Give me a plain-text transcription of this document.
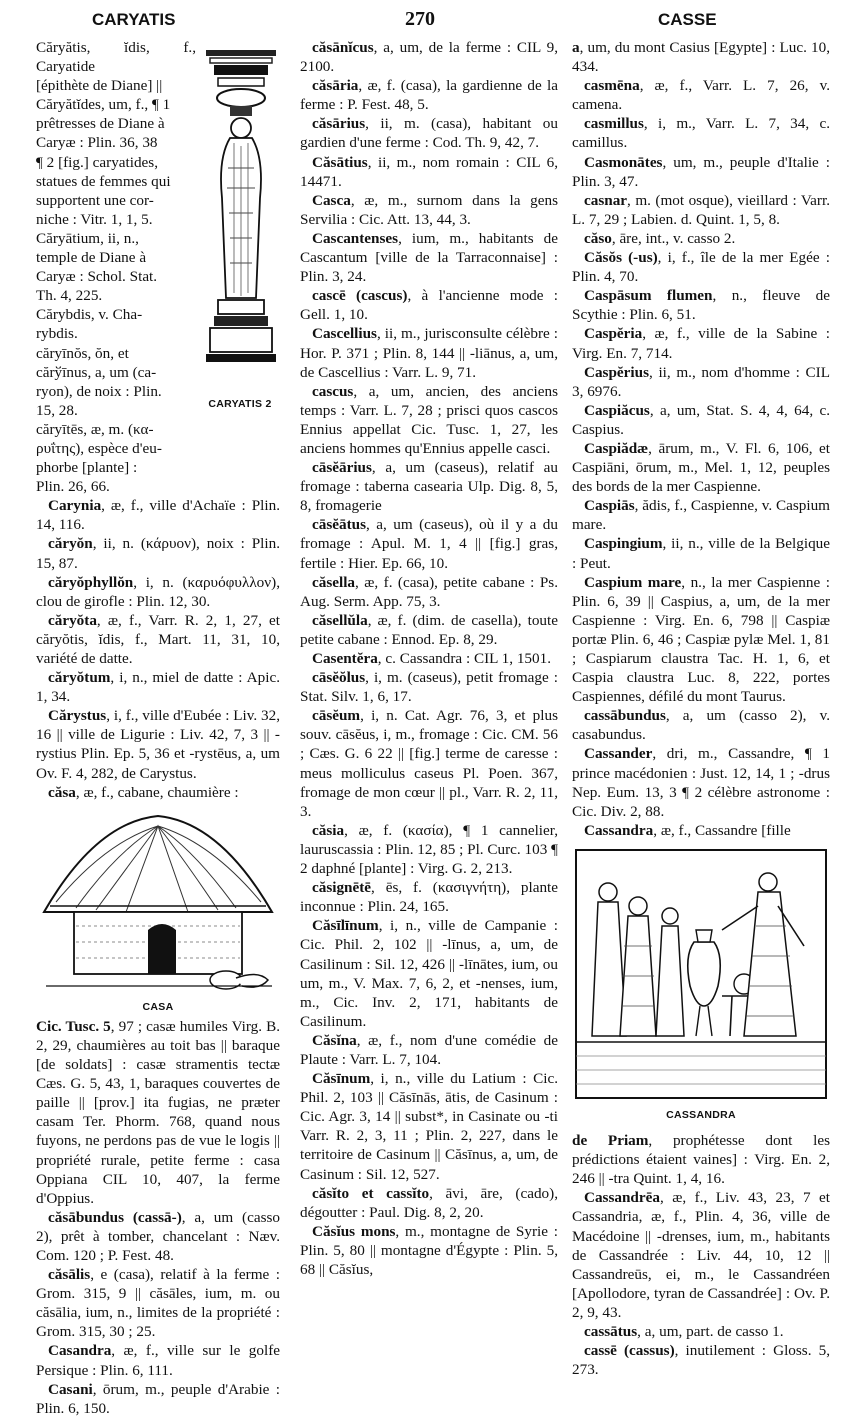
CARYATIS	270	CASSE
CARYATIS 2
Căryătis, ĭdis, f., Caryatide
[épithète de Diane] ||
Căryătĭdes, um, f., ¶ 1
prêtresses de Diane à
Caryæ : Plin. 36, 38
¶ 2 [fig.] caryatides,
statues de femmes qui
supportent une cor-
niche : Vitr. 1, 1, 5.
Căryātium, ii, n.,
temple de Diane à
Caryæ : Schol. Stat.
Th. 4, 225.
Cărybdis, v. Cha-
rybdis.
căryīnŏs, ŏn, et
cărўīnus, a, um (ca-
ryon), de noix : Plin.
15, 28.
căryītēs, æ, m. (κα-
ρυΐτης), espèce d'eu-
phorbe [plante] :
Plin. 26, 66.

Carynia, æ, f., ville d'Achaïe : Plin. 14, 116.

căryŏn, ii, n. (κάρυον), noix : Plin. 15, 87.

căryŏphyllŏn, i, n. (καρυόφυλλον), clou de girofle : Plin. 12, 30.

căryŏta, æ, f., Varr. R. 2, 1, 27, et căryŏtis, ĭdis, f., Mart. 11, 31, 10, variété de datte.

căryŏtum, i, n., miel de datte : Apic. 1, 34.

Cărystus, i, f., ville d'Eubée : Liv. 32, 16 || ville de Ligurie : Liv. 42, 7, 3 || -rystius Plin. Ep. 5, 36 et -rystēus, a, um Ov. F. 4, 282, de Carystus.

căsa, æ, f., cabane, chaumière :

CASA

Cic. Tusc. 5, 97 ; casæ humiles Virg. B. 2, 29, chaumières au toit bas || baraque [de soldats] : casæ stramentis tectæ Cæs. G. 5, 43, 1, baraques couvertes de paille || [prov.] ita fugias, ne præter casam Ter. Phorm. 768, quand nous fuyons, ne perdons pas de vue le logis || propriété rurale, petite ferme : casa Oppiana CIL 10, 407, la ferme d'Oppius.

căsābundus (cassā-), a, um (casso 2), prêt à tomber, chancelant : Næv. Com. 120 ; P. Fest. 48.

căsālis, e (casa), relatif à la ferme : Grom. 315, 9 || căsāles, ium, m. ou căsālia, ium, n., limites de la propriété : Grom. 315, 30 ; 25.

Casandra, æ, f., ville sur le golfe Persique : Plin. 6, 111.

Casani, ōrum, m., peuple d'Arabie : Plin. 6, 150.

căsānĭcus, a, um, de la ferme : CIL 9, 2100.

căsāria, æ, f. (casa), la gardienne de la ferme : P. Fest. 48, 5.

căsārius, ii, m. (casa), habitant ou gardien d'une ferme : Cod. Th. 9, 42, 7.

Căsātius, ii, m., nom romain : CIL 6, 14471.

Casca, æ, m., surnom dans la gens Servilia : Cic. Att. 13, 44, 3.

Cascantenses, ium, m., habitants de Cascantum [ville de la Tarraconnaise] : Plin. 3, 24.

cascē (cascus), à l'ancienne mode : Gell. 1, 10.

Cascellius, ii, m., jurisconsulte célèbre : Hor. P. 371 ; Plin. 8, 144 || -liānus, a, um, de Cascellius : Varr. L. 9, 71.

cascus, a, um, ancien, des anciens temps : Varr. L. 7, 28 ; prisci quos cascos Ennius appellat Cic. Tusc. 1, 27, les anciens hommes qu'Ennius appelle casci.

cāsĕārius, a, um (caseus), relatif au fromage : taberna casearia Ulp. Dig. 8, 5, 8, fromagerie

cāsĕātus, a, um (caseus), où il y a du fromage : Apul. M. 1, 4 || [fig.] gras, fertile : Hier. Ep. 66, 10.

căsella, æ, f. (casa), petite cabane : Ps. Aug. Serm. App. 75, 3.

căsellŭla, æ, f. (dim. de casella), toute petite cabane : Ennod. Ep. 8, 29.

Casentĕra, c. Cassandra : CIL 1, 1501.

cāsĕŏlus, i, m. (caseus), petit fromage : Stat. Silv. 1, 6, 17.

cāsĕum, i, n. Cat. Agr. 76, 3, et plus souv. cāsĕus, i, m., fromage : Cic. CM. 56 ; Cæs. G. 6 22 || [fig.] terme de caresse : meus molliculus caseus Pl. Poen. 367, fromage de mon cœur || pl., Varr. R. 2, 11, 3.

căsia, æ, f. (κασία), ¶ 1 cannelier, lauruscassia : Plin. 12, 85 ; Pl. Curc. 103 ¶ 2 daphné [plante] : Virg. G. 2, 213.

căsignētē, ēs, f. (κασιγνήτη), plante inconnue : Plin. 24, 165.

Căsīlīnum, i, n., ville de Campanie : Cic. Phil. 2, 102 || -līnus, a, um, de Casilinum : Sil. 12, 426 || -līnātes, ium, ou um, m., V. Max. 7, 6, 2, et -nenses, ium, m., Cic. Inv. 2, 171, habitants de Casilinum.

Căsĭna, æ, f., nom d'une comédie de Plaute : Varr. L. 7, 104.

Căsīnum, i, n., ville du Latium : Cic. Phil. 2, 103 || Căsīnās, ātis, de Casinum : Cic. Agr. 3, 14 || subst*, in Casinate ou -ti Varr. R. 2, 3, 11 ; Plin. 2, 227, dans le territoire de Casinum || Căsīnus, a, um, de Casinum : Sil. 12, 527.

căsĭto et cassĭto, āvi, āre, (cado), dégoutter : Paul. Dig. 8, 2, 20.

Căsĭus mons, m., montagne de Syrie : Plin. 5, 80 || montagne d'Égypte : Plin. 5, 68 || Căsĭus,

a, um, du mont Casius [Egypte] : Luc. 10, 434.

casmēna, æ, f., Varr. L. 7, 26, v. camena.

casmillus, i, m., Varr. L. 7, 34, c. camillus.

Casmonātes, um, m., peuple d'Italie : Plin. 3, 47.

casnar, m. (mot osque), vieillard : Varr. L. 7, 29 ; Labien. d. Quint. 1, 5, 8.

căso, āre, int., v. casso 2.

Căsŏs (-us), i, f., île de la mer Egée : Plin. 4, 70.

Caspāsum flumen, n., fleuve de Scythie : Plin. 6, 51.

Caspĕria, æ, f., ville de la Sabine : Virg. En. 7, 714.

Caspĕrius, ii, m., nom d'homme : CIL 3, 6976.

Caspiăcus, a, um, Stat. S. 4, 4, 64, c. Caspius.

Caspiădæ, ārum, m., V. Fl. 6, 106, et Caspiāni, ōrum, m., Mel. 1, 12, peuples des bords de la mer Caspienne.

Caspiās, ădis, f., Caspienne, v. Caspium mare.

Caspingium, ii, n., ville de la Belgique : Peut.

Caspium mare, n., la mer Caspienne : Plin. 6, 39 || Caspius, a, um, de la mer Caspienne : Virg. En. 6, 798 || Caspiæ portæ Plin. 6, 46 ; Caspiæ pylæ Mel. 1, 81 ; Caspiarum claustra Tac. H. 1, 6, et Caspia claustra Luc. 8, 222, portes Caspiennes, défilé du mont Taurus.

cassābundus, a, um (casso 2), v. casabundus.

Cassander, dri, m., Cassandre, ¶ 1 prince macédonien : Just. 12, 14, 1 ; -drus Nep. Eum. 13, 3 ¶ 2 célèbre astronome : Cic. Div. 2, 88.

Cassandra, æ, f., Cassandre [fille

CASSANDRA

de Priam, prophétesse dont les prédictions étaient vaines] : Virg. En. 2, 246 || -tra Quint. 1, 4, 16.

Cassandrēa, æ, f., Liv. 43, 23, 7 et Cassandria, æ, f., Plin. 4, 36, ville de Macédoine || -drenses, ium, m., habitants de Cassandrée : Liv. 44, 10, 12 || Cassandreūs, ei, m., le Cassandréen [Apollodore, tyran de Cassandrée] : Ov. P. 2, 9, 43.

cassātus, a, um, part. de casso 1.

cassē (cassus), inutilement : Gloss. 5, 273.
